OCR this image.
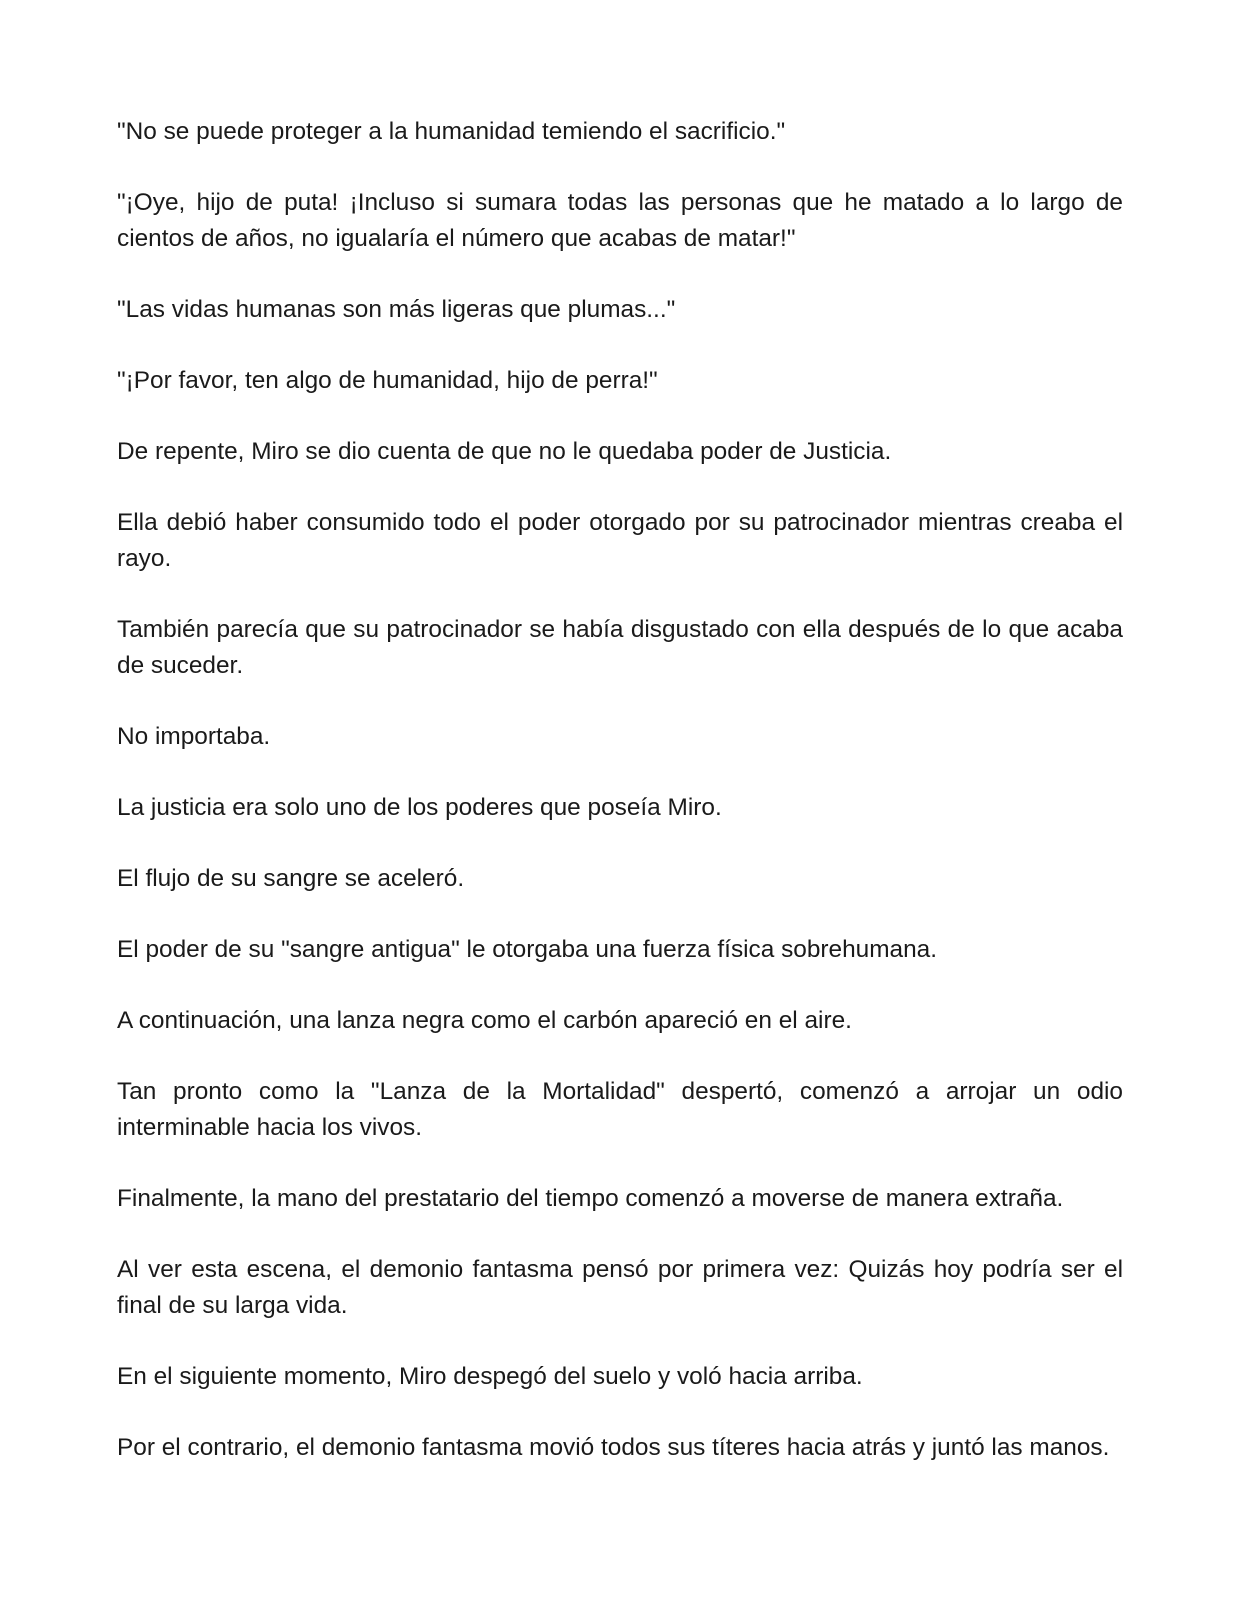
"No se puede proteger a la humanidad temiendo el sacrificio."

"¡Oye, hijo de puta! ¡Incluso si sumara todas las personas que he matado a lo largo de cientos de años, no igualaría el número que acabas de matar!"

"Las vidas humanas son más ligeras que plumas..."

"¡Por favor, ten algo de humanidad, hijo de perra!"

De repente, Miro se dio cuenta de que no le quedaba poder de Justicia.

Ella debió haber consumido todo el poder otorgado por su patrocinador mientras creaba el rayo.

También parecía que su patrocinador se había disgustado con ella después de lo que acaba de suceder.

No importaba.

La justicia era solo uno de los poderes que poseía Miro.

El flujo de su sangre se aceleró.

El poder de su "sangre antigua" le otorgaba una fuerza física sobrehumana.

A continuación, una lanza negra como el carbón apareció en el aire.

Tan pronto como la "Lanza de la Mortalidad" despertó, comenzó a arrojar un odio interminable hacia los vivos.

Finalmente, la mano del prestatario del tiempo comenzó a moverse de manera extraña.

Al ver esta escena, el demonio fantasma pensó por primera vez: Quizás hoy podría ser el final de su larga vida.

En el siguiente momento, Miro despegó del suelo y voló hacia arriba.

Por el contrario, el demonio fantasma movió todos sus títeres hacia atrás y juntó las manos.
